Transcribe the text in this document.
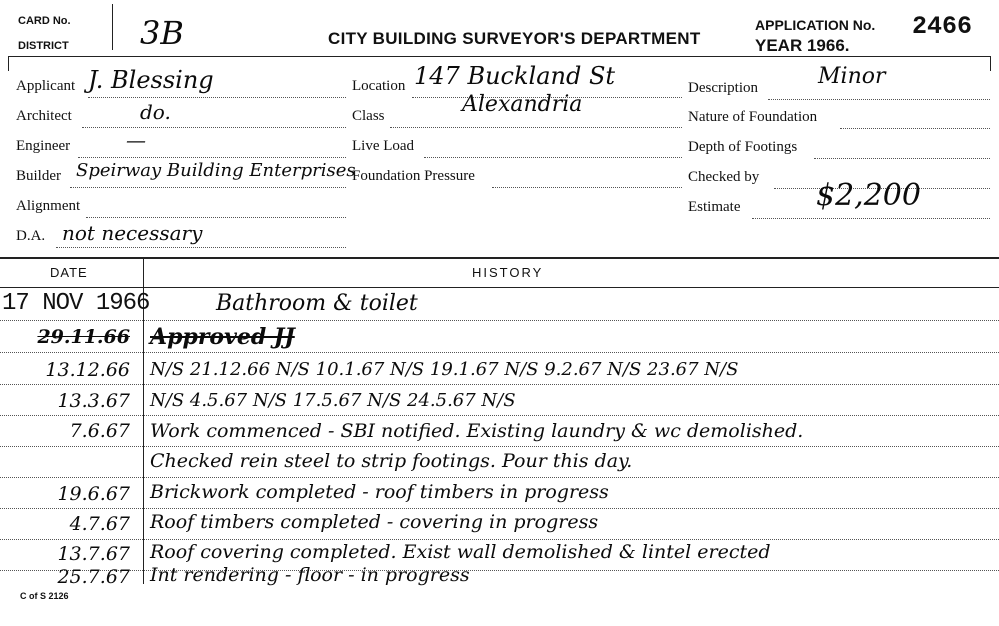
CARD No.
DISTRICT 3B	CITY BUILDING SURVEYOR'S DEPARTMENT
APPLICATION No. 2466
YEAR 1966.
Applicant J. Blessing
Architect	do.
Engineer	—
Builder Speirway Building Enterprises
Alignment
D.A. not necessary
Location 147 Buckland St
Alexandria
Class
Live Load
Foundation Pressure
Description	Minor
Nature of Foundation
Depth of Footings
Checked by
Estimate	$2,200
DATE	HISTORY
17 NOV 1966	Bathroom & toilet
29.11.66 Approved JJ
13.12.66 N/S 21.12.66 N/S 10.1.67 N/S 19.1.67 N/S 9.2.67 N/S 23.67 N/S
13.3.67 N/S 4.5.67 N/S 17.5.67 N/S 24.5.67 N/S
7.6.67 Work commenced - SBI notified. Existing laundry & wc demolished.
Checked rein steel to strip footings. Pour this day.
19.6.67 Brickwork completed - roof timbers in progress
4.7.67 Roof timbers completed - covering in progress
13.7.67 Roof covering completed. Exist wall demolished & lintel erected
25.7.67 Int rendering - floor - in progress
C of S 2126
